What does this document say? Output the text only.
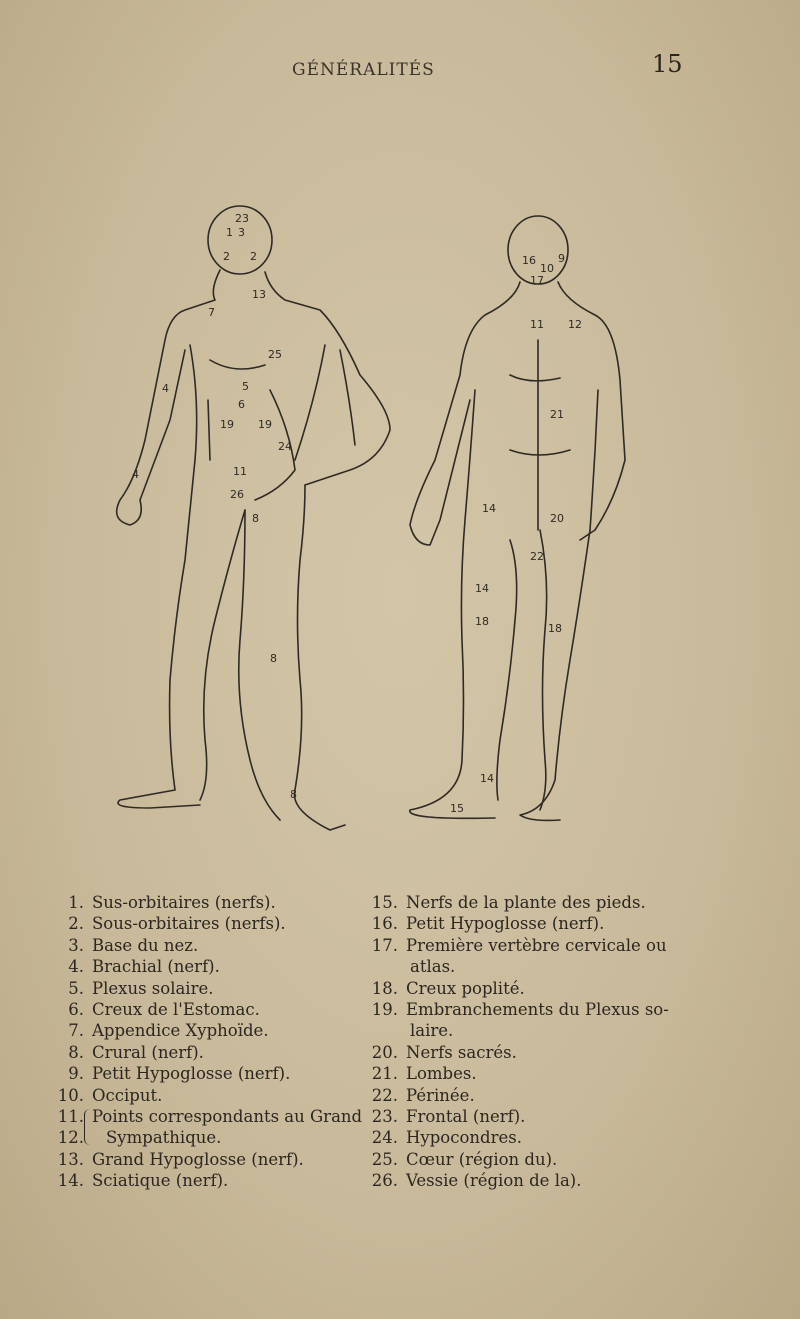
GÉNÉRALITÉS	15
23
1 3
2 2
13
7
25
5
6
19 19
24
11
26
8
4
4
8
8
16
10
9
17
11 12
21
14
20
22
14
18
18
14
15
1. Sus-orbitaires (nerfs).
2. Sous-orbitaires (nerfs).
3. Base du nez.
4. Brachial (nerf).
5. Plexus solaire.
6. Creux de l'Estomac.
7. Appendice Xyphoïde.
8. Crural (nerf).
9. Petit Hypoglosse (nerf).
10. Occiput.
11. Points correspondants au Grand
12.	Sympathique.
13. Grand Hypoglosse (nerf).
14. Sciatique (nerf).
15. Nerfs de la plante des pieds.
16. Petit Hypoglosse (nerf).
17. Première vertèbre cervicale ou
atlas.
18. Creux poplité.
19. Embranchements du Plexus so-
laire.
20. Nerfs sacrés.
21. Lombes.
22. Périnée.
23. Frontal (nerf).
24. Hypocondres.
25. Cœur (région du).
26. Vessie (région de la).
